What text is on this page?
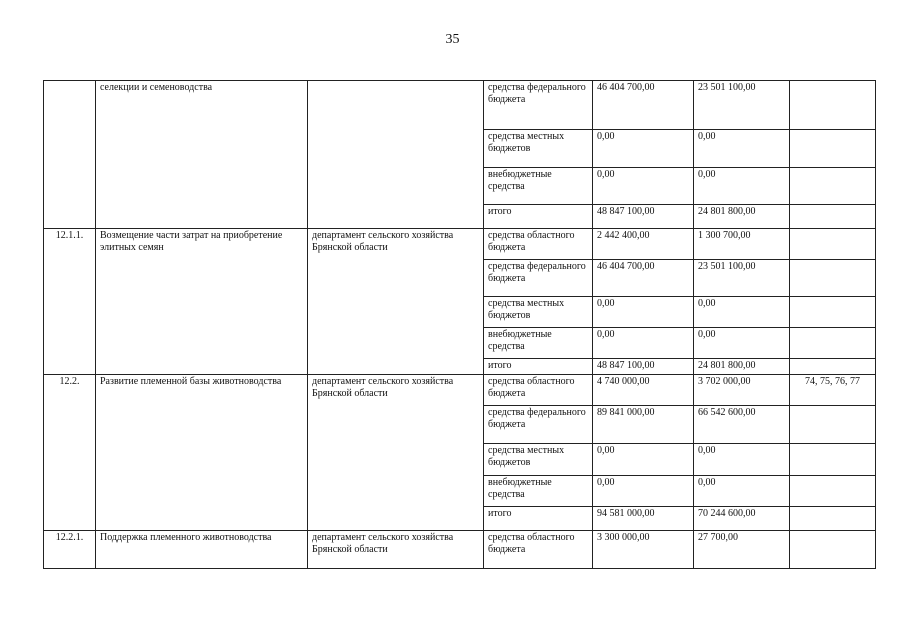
35
	селекции и семеноводства		средства федерального бюджета	46 404 700,00	23 501 100,00	
			средства местных бюджетов	0,00	0,00	
			внебюджетные средства	0,00	0,00	
			итого	48 847 100,00	24 801 800,00	
12.1.1.	Возмещение части затрат на приобретение элитных семян	департамент сельского хозяйства Брянской области	средства областного бюджета	2 442 400,00	1 300 700,00	
			средства федерального бюджета	46 404 700,00	23 501 100,00	
			средства местных бюджетов	0,00	0,00	
			внебюджетные средства	0,00	0,00	
			итого	48 847 100,00	24 801 800,00	
12.2.	Развитие племенной базы животноводства	департамент сельского хозяйства Брянской области	средства областного бюджета	4 740 000,00	3 702 000,00	74, 75, 76, 77
			средства федерального бюджета	89 841 000,00	66 542 600,00	
			средства местных бюджетов	0,00	0,00	
			внебюджетные средства	0,00	0,00	
			итого	94 581 000,00	70 244 600,00	
12.2.1.	Поддержка племенного животноводства	департамент сельского хозяйства Брянской области	средства областного бюджета	3 300 000,00	27 700,00	
